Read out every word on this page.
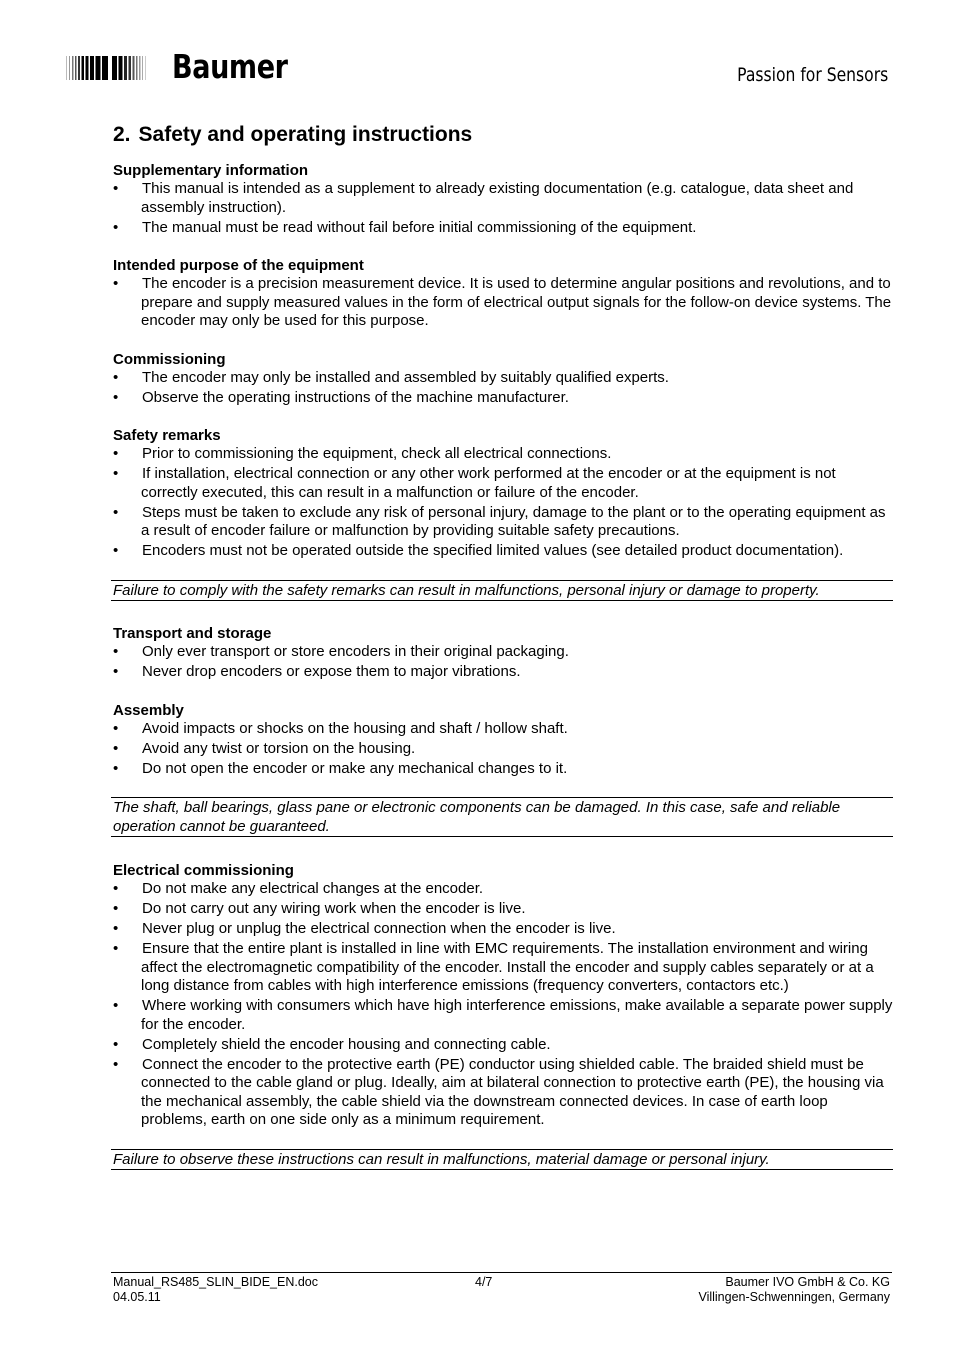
Baumer	Passion for Sensors
2. Safety and operating instructions
Supplementary information
•	This manual is intended as a supplement to already existing documentation (e.g. catalogue, data sheet and assembly instruction).
•	The manual must be read without fail before initial commissioning of the equipment.
Intended purpose of the equipment
•	The encoder is a precision measurement device. It is used to determine angular positions and revolutions, and to prepare and supply measured values in the form of electrical output signals for the follow-on device systems. The encoder may only be used for this purpose.
Commissioning
•	The encoder may only be installed and assembled by suitably qualified experts.
•	Observe the operating instructions of the machine manufacturer.
Safety remarks
•	Prior to commissioning the equipment, check all electrical connections.
•	If installation, electrical connection or any other work performed at the encoder or at the equipment is not correctly executed, this can result in a malfunction or failure of the encoder.
•	Steps must be taken to exclude any risk of personal injury, damage to the plant or to the operating equipment as a result of encoder failure or malfunction by providing suitable safety precautions.
•	Encoders must not be operated outside the specified limited values (see detailed product documentation).
Failure to comply with the safety remarks can result in malfunctions, personal injury or damage to property.
Transport and storage
•	Only ever transport or store encoders in their original packaging.
•	Never drop encoders or expose them to major vibrations.
Assembly
•	Avoid impacts or shocks on the housing and shaft / hollow shaft.
•	Avoid any twist or torsion on the housing.
•	Do not open the encoder or make any mechanical changes to it.
The shaft, ball bearings, glass pane or electronic components can be damaged. In this case, safe and reliable operation cannot be guaranteed.
Electrical commissioning
•	Do not make any electrical changes at the encoder.
•	Do not carry out any wiring work when the encoder is live.
•	Never plug or unplug the electrical connection when the encoder is live.
•	Ensure that the entire plant is installed in line with EMC requirements. The installation environment and wiring affect the electromagnetic compatibility of the encoder. Install the encoder and supply cables separately or at a long distance from cables with high interference emissions (frequency converters, contactors etc.)
•	Where working with consumers which have high interference emissions, make available a separate power supply for the encoder.
•	Completely shield the encoder housing and connecting cable.
•	Connect the encoder to the protective earth (PE) conductor using shielded cable. The braided shield must be connected to the cable gland or plug. Ideally, aim at bilateral connection to protective earth (PE), the housing via the mechanical assembly, the cable shield via the downstream connected devices. In case of earth loop problems, earth on one side only as a minimum requirement.
Failure to observe these instructions can result in malfunctions, material damage or personal injury.
Manual_RS485_SLIN_BIDE_EN.doc
04.05.11
4/7	Baumer IVO GmbH & Co. KG
Villingen-Schwenningen, Germany
